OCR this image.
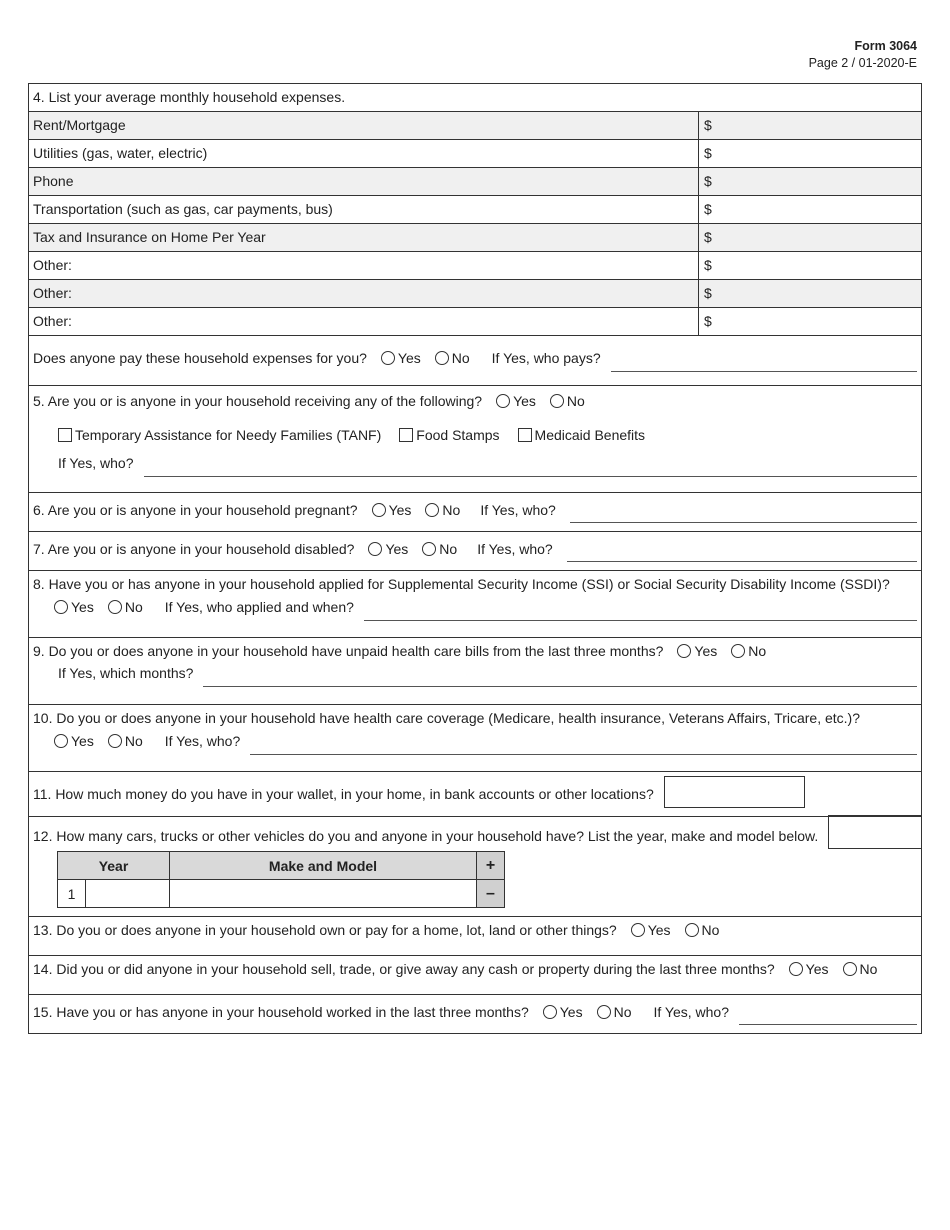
Form 3064
Page 2 / 01-2020-E
4. List your average monthly household expenses.
Rent/Mortgage	$
Utilities (gas, water, electric)	$
Phone	$
Transportation (such as gas, car payments, bus)	$
Tax and Insurance on Home Per Year	$
Other:	$
Other:	$
Other:	$
Does anyone pay these household expenses for you? Yes No If Yes, who pays?
5. Are you or is anyone in your household receiving any of the following? Yes No
Temporary Assistance for Needy Families (TANF)	Food Stamps	Medicaid Benefits
If Yes, who?
6. Are you or is anyone in your household pregnant? Yes No If Yes, who?
7. Are you or is anyone in your household disabled? Yes No If Yes, who?
8. Have you or has anyone in your household applied for Supplemental Security Income (SSI) or Social Security Disability Income (SSDI)?
Yes No If Yes, who applied and when?
9. Do you or does anyone in your household have unpaid health care bills from the last three months? Yes No
If Yes, which months?
10. Do you or does anyone in your household have health care coverage (Medicare, health insurance, Veterans Affairs, Tricare, etc.)?
Yes No If Yes, who?
11. How much money do you have in your wallet, in your home, in bank accounts or other locations?
12. How many cars, trucks or other vehicles do you and anyone in your household have? List the year, make and model below.
Year		Make and Model	+
1			–
13. Do you or does anyone in your household own or pay for a home, lot, land or other things? Yes No
14. Did you or did anyone in your household sell, trade, or give away any cash or property during the last three months? Yes No
15. Have you or has anyone in your household worked in the last three months? Yes No If Yes, who?
